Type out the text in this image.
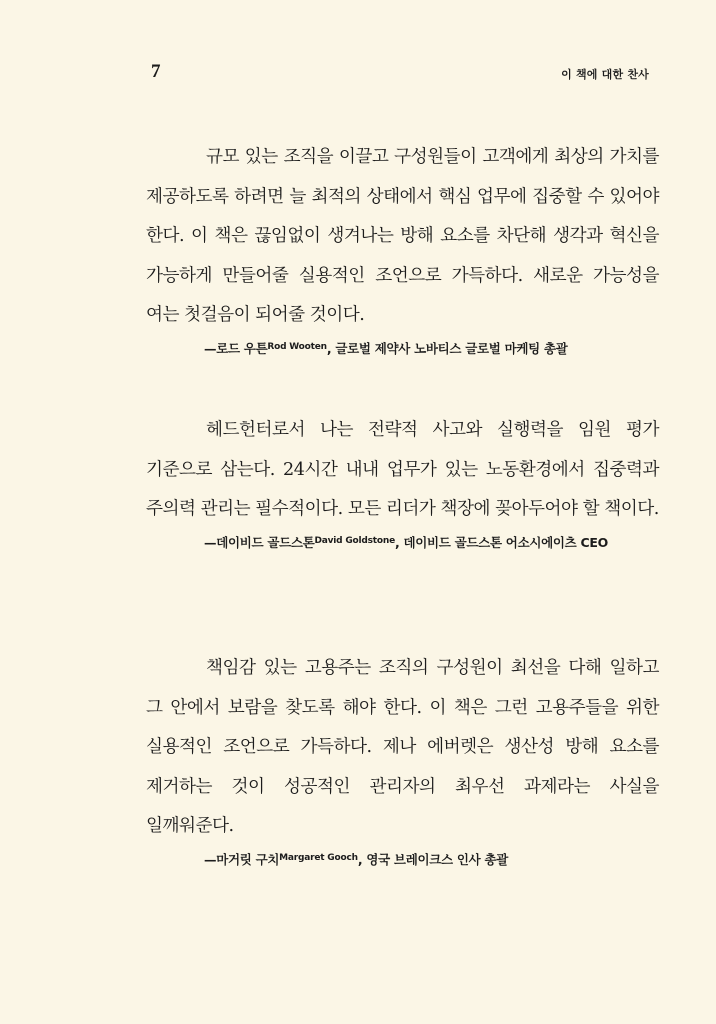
7	이 책에 대한 찬사

규모 있는 조직을 이끌고 구성원들이 고객에게 최상의 가치를 제공하도록 하려면 늘 최적의 상태에서 핵심 업무에 집중할 수 있어야 한다. 이 책은 끊임없이 생겨나는 방해 요소를 차단해 생각과 혁신을 가능하게 만들어줄 실용적인 조언으로 가득하다. 새로운 가능성을 여는 첫걸음이 되어줄 것이다.

—로드 우튼$^{Rod Wooten}$, 글로벌 제약사 노바티스 글로벌 마케팅 총괄

헤드헌터로서 나는 전략적 사고와 실행력을 임원 평가 기준으로 삼는다. 24시간 내내 업무가 있는 노동환경에서 집중력과 주의력 관리는 필수적이다. 모든 리더가 책장에 꽂아두어야 할 책이다.

—데이비드 골드스톤$^{David Goldstone}$, 데이비드 골드스톤 어소시에이츠 CEO

책임감 있는 고용주는 조직의 구성원이 최선을 다해 일하고 그 안에서 보람을 찾도록 해야 한다. 이 책은 그런 고용주들을 위한 실용적인 조언으로 가득하다. 제나 에버렛은 생산성 방해 요소를 제거하는 것이 성공적인 관리자의 최우선 과제라는 사실을 일깨워준다.

—마거릿 구치$^{Margaret Gooch}$, 영국 브레이크스 인사 총괄
